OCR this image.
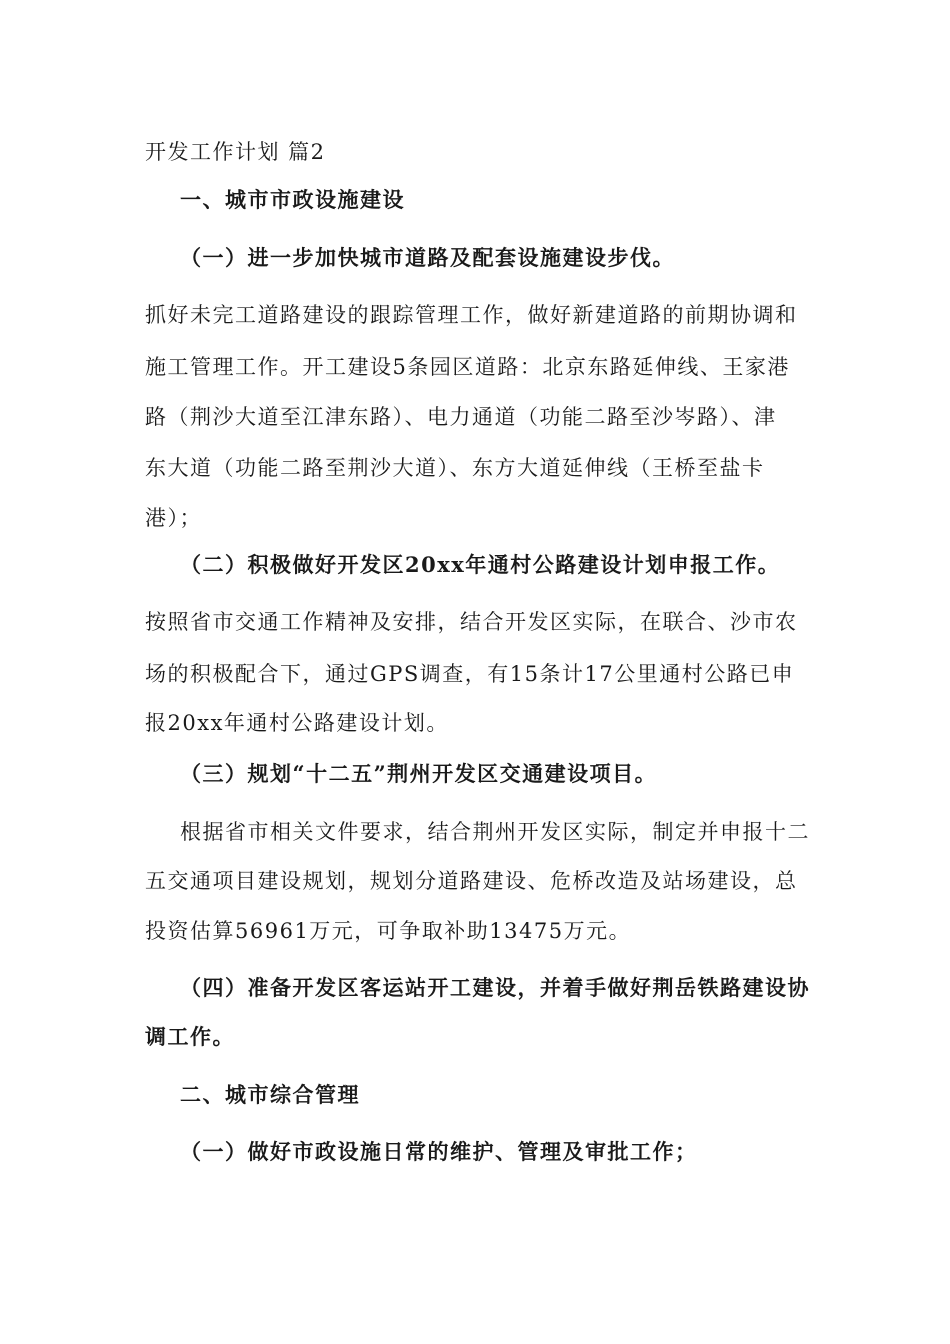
开发工作计划 篇2
一、城市市政设施建设
（一）进一步加快城市道路及配套设施建设步伐。
抓好未完工道路建设的跟踪管理工作，做好新建道路的前期协调和
施工管理工作。开工建设5条园区道路：北京东路延伸线、王家港
路（荆沙大道至江津东路）、电力通道（功能二路至沙岑路）、津
东大道（功能二路至荆沙大道）、东方大道延伸线（王桥至盐卡
港）；
（二）积极做好开发区20xx年通村公路建设计划申报工作。
按照省市交通工作精神及安排，结合开发区实际，在联合、沙市农
场的积极配合下，通过GPS调查，有15条计17公里通村公路已申
报20xx年通村公路建设计划。
（三）规划“十二五”荆州开发区交通建设项目。
根据省市相关文件要求，结合荆州开发区实际，制定并申报十二
五交通项目建设规划，规划分道路建设、危桥改造及站场建设，总
投资估算56961万元，可争取补助13475万元。
（四）准备开发区客运站开工建设，并着手做好荆岳铁路建设协
调工作。
二、城市综合管理
（一）做好市政设施日常的维护、管理及审批工作；
